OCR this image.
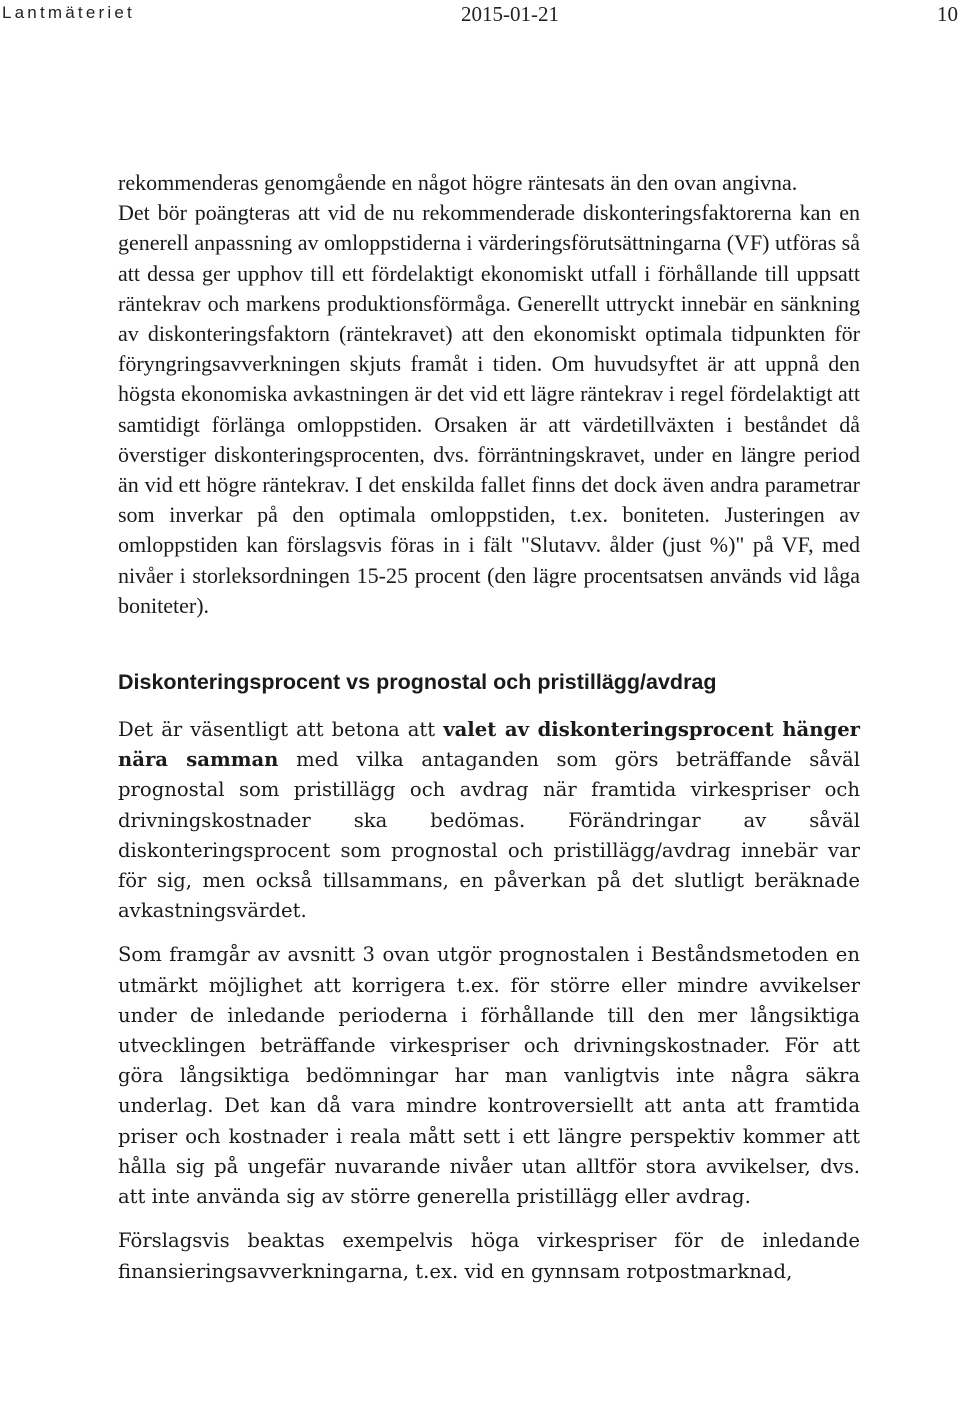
Lantmäteriet	2015-01-21	10

rekommenderas genomgående en något högre räntesats än den ovan angivna.

Det bör poängteras att vid de nu rekommenderade diskonteringsfaktorerna kan en generell anpassning av omloppstiderna i värderingsförutsättningarna (VF) utföras så att dessa ger upphov till ett fördelaktigt ekonomiskt utfall i förhållande till uppsatt räntekrav och markens produktionsförmåga. Generellt uttryckt innebär en sänkning av diskonteringsfaktorn (räntekravet) att den ekonomiskt optimala tidpunkten för föryngringsavverkningen skjuts framåt i tiden. Om huvudsyftet är att uppnå den högsta ekonomiska avkastningen är det vid ett lägre räntekrav i regel fördelaktigt att samtidigt förlänga omloppstiden. Orsaken är att värdetillväxten i beståndet då överstiger diskonteringsprocenten, dvs. förräntningskravet, under en längre period än vid ett högre räntekrav. I det enskilda fallet finns det dock även andra parametrar som inverkar på den optimala omloppstiden, t.ex. boniteten. Justeringen av omloppstiden kan förslagsvis föras in i fält "Slutavv. ålder (just %)" på VF, med nivåer i storleksordningen 15-25 procent (den lägre procentsatsen används vid låga boniteter).

Diskonteringsprocent vs prognostal och pristillägg/avdrag

Det är väsentligt att betona att valet av diskonteringsprocent hänger nära samman med vilka antaganden som görs beträffande såväl prognostal som pristillägg och avdrag när framtida virkespriser och drivningskostnader ska bedömas. Förändringar av såväl diskonteringsprocent som prognostal och pristillägg/avdrag innebär var för sig, men också tillsammans, en påverkan på det slutligt beräknade avkastningsvärdet.

Som framgår av avsnitt 3 ovan utgör prognostalen i Beståndsmetoden en utmärkt möjlighet att korrigera t.ex. för större eller mindre avvikelser under de inledande perioderna i förhållande till den mer långsiktiga utvecklingen beträffande virkespriser och drivningskostnader. För att göra långsiktiga bedömningar har man vanligtvis inte några säkra underlag. Det kan då vara mindre kontroversiellt att anta att framtida priser och kostnader i reala mått sett i ett längre perspektiv kommer att hålla sig på ungefär nuvarande nivåer utan alltför stora avvikelser, dvs. att inte använda sig av större generella pristillägg eller avdrag.

Förslagsvis beaktas exempelvis höga virkespriser för de inledande finansieringsavverkningarna, t.ex. vid en gynnsam rotpostmarknad,
